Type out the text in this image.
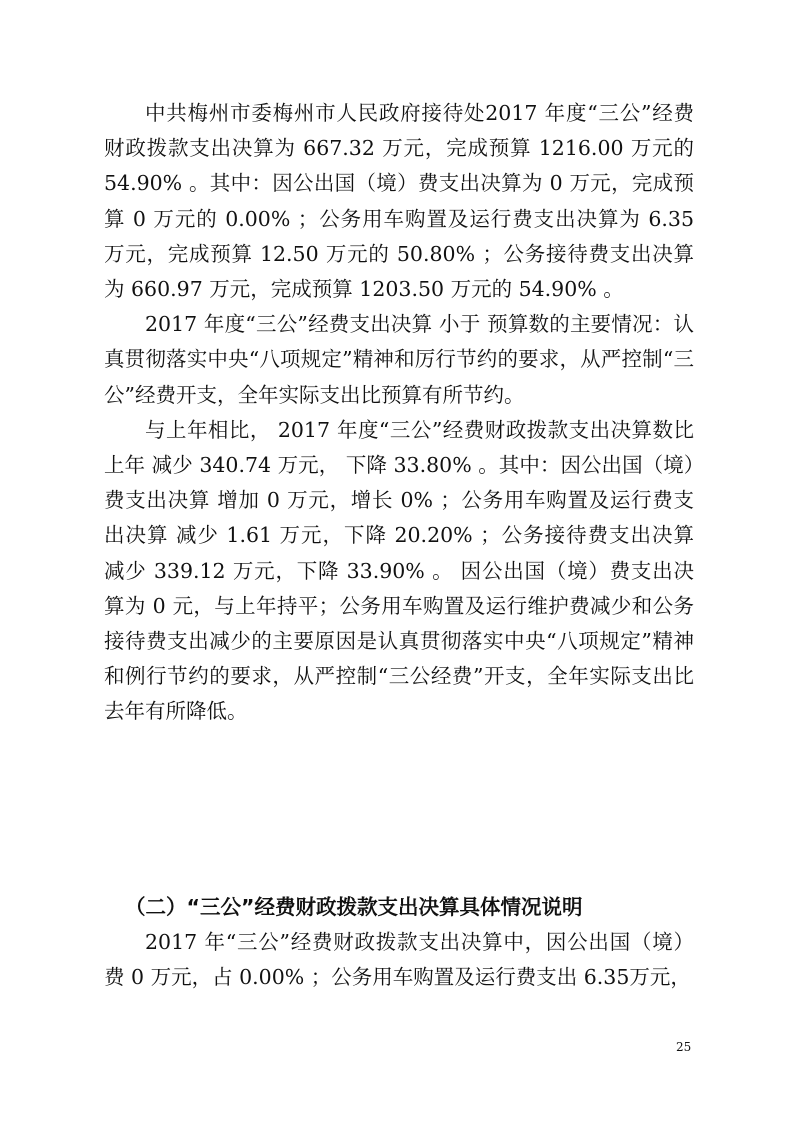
中共梅州市委梅州市人民政府接待处2017 年度“三公”经费财政拨款支出决算为 667.32 万元，完成预算 1216.00 万元的 54.90% 。其中：因公出国（境）费支出决算为 0 万元，完成预算 0 万元的 0.00% ；公务用车购置及运行费支出决算为 6.35 万元，完成预算 12.50 万元的 50.80% ；公务接待费支出决算为 660.97 万元，完成预算 1203.50 万元的 54.90% 。

2017 年度“三公”经费支出决算 小于 预算数的主要情况：认真贯彻落实中央“八项规定”精神和厉行节约的要求，从严控制“三公”经费开支，全年实际支出比预算有所节约。

与上年相比， 2017 年度“三公”经费财政拨款支出决算数比上年 减少 340.74 万元， 下降 33.80% 。其中：因公出国（境）费支出决算 增加 0 万元，增长 0% ；公务用车购置及运行费支出决算 减少 1.61 万元，下降 20.20% ；公务接待费支出决算 减少 339.12 万元，下降 33.90% 。 因公出国（境）费支出决算为 0 元，与上年持平；公务用车购置及运行维护费减少和公务接待费支出减少的主要原因是认真贯彻落实中央“八项规定”精神和例行节约的要求，从严控制“三公经费”开支，全年实际支出比去年有所降低。

（二）“三公”经费财政拨款支出决算具体情况说明

2017 年“三公”经费财政拨款支出决算中，因公出国（境）费 0 万元，占 0.00% ；公务用车购置及运行费支出 6.35万元，

25
